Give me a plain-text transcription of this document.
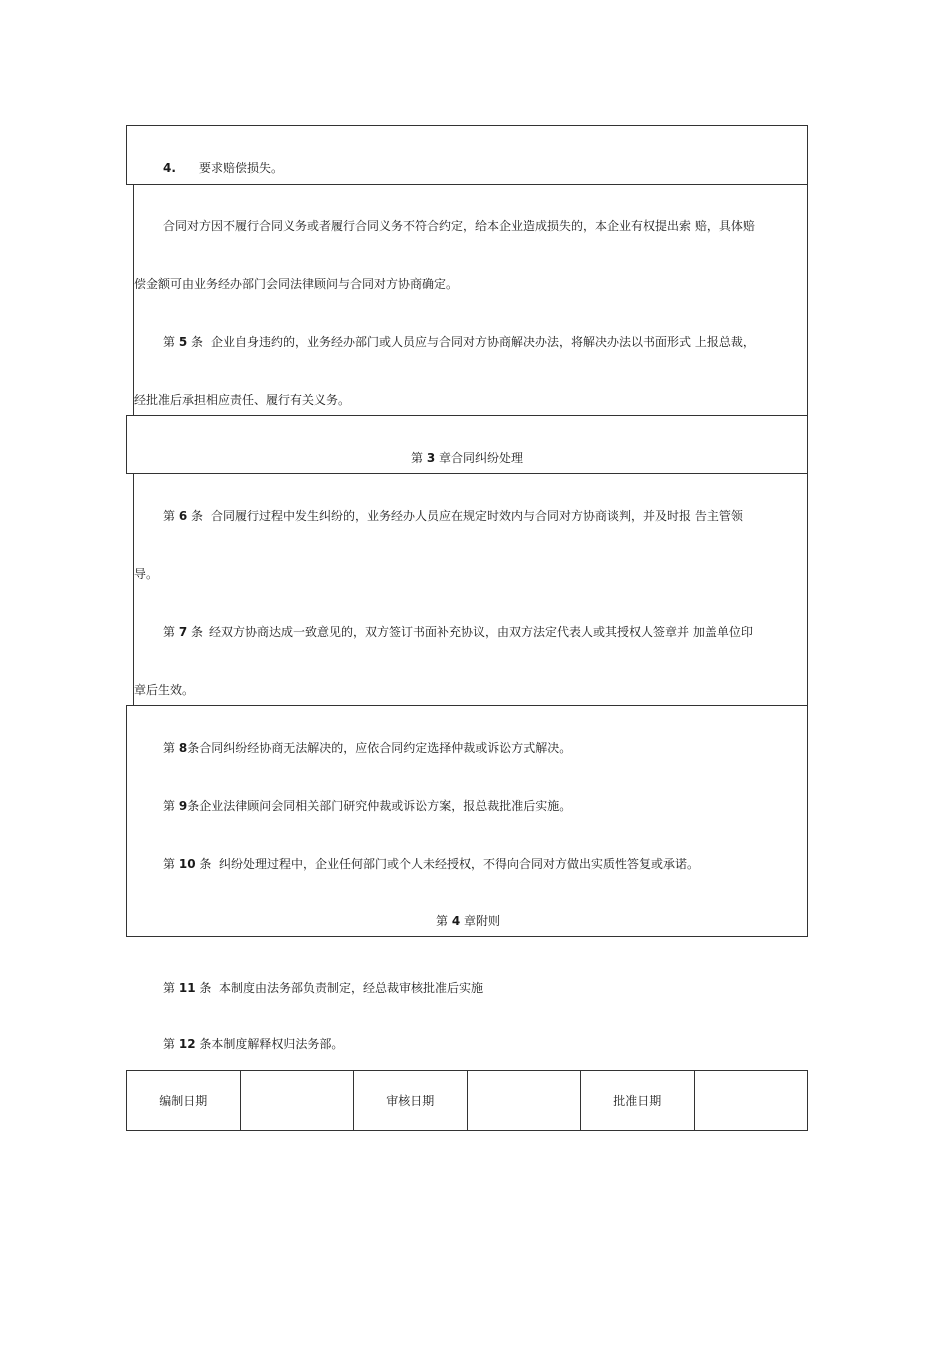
4. 要求赔偿损失。
合同对方因不履行合同义务或者履行合同义务不符合约定，给本企业造成损失的，本企业有权提出索 赔，具体赔
偿金额可由业务经办部门会同法律顾问与合同对方协商确定。
第 5 条 企业自身违约的，业务经办部门或人员应与合同对方协商解决办法，将解决办法以书面形式 上报总裁，
经批准后承担相应责任、履行有关义务。
第 3 章合同纠纷处理
第 6 条 合同履行过程中发生纠纷的，业务经办人员应在规定时效内与合同对方协商谈判，并及时报 告主管领
导。
第 7 条 经双方协商达成一致意见的，双方签订书面补充协议，由双方法定代表人或其授权人签章并 加盖单位印
章后生效。
第 8条合同纠纷经协商无法解决的，应依合同约定选择仲裁或诉讼方式解决。
第 9条企业法律顾问会同相关部门研究仲裁或诉讼方案，报总裁批准后实施。
第 10 条 纠纷处理过程中，企业任何部门或个人未经授权，不得向合同对方做出实质性答复或承诺。
第 4 章附则
第 11 条 本制度由法务部负责制定，经总裁审核批准后实施
第 12 条本制度解释权归法务部。
编制日期	审核日期	批准日期
